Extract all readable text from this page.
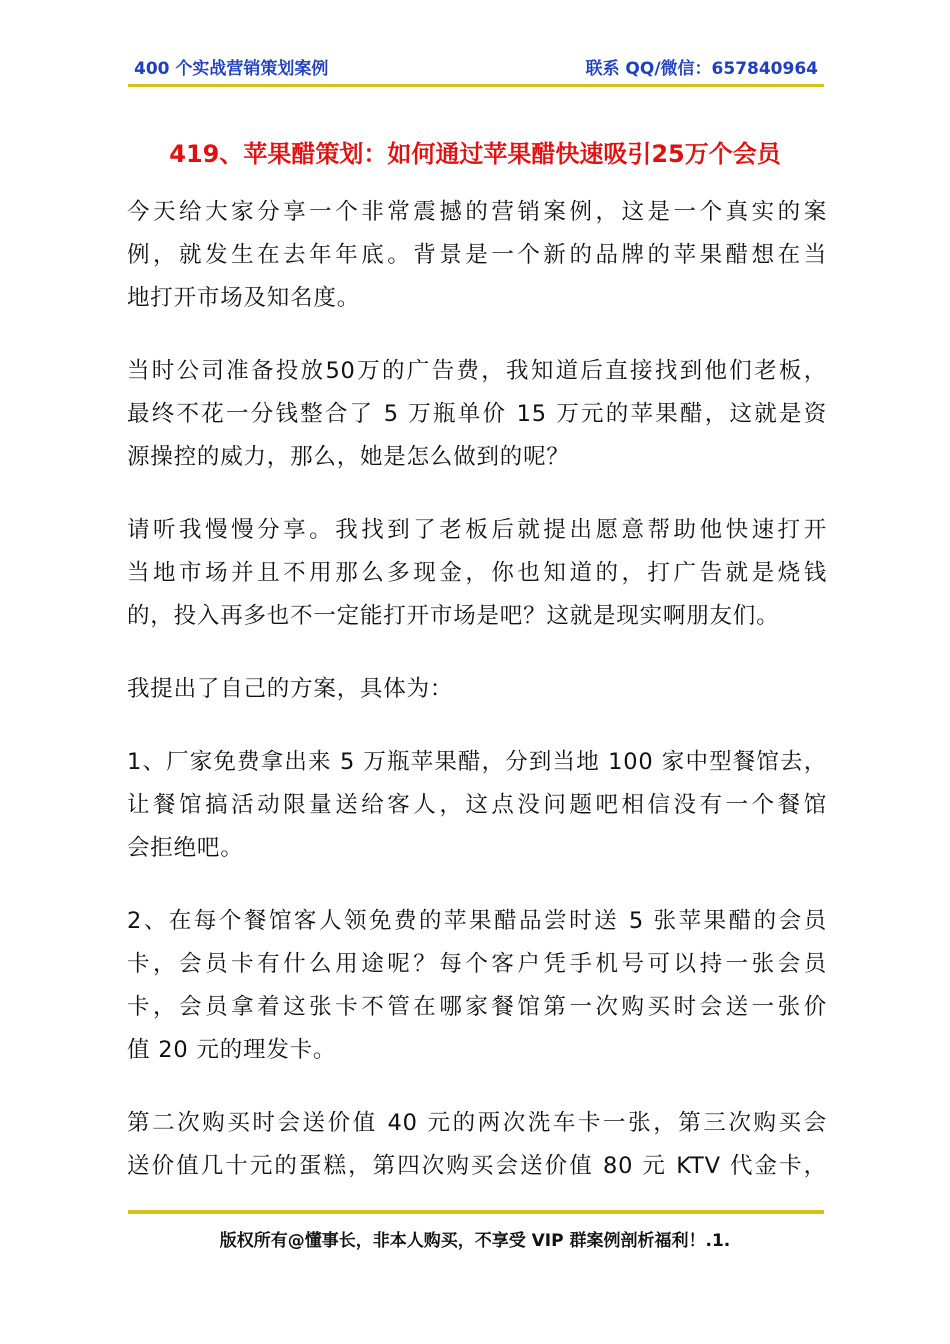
400 个实战营销策划案例	联系 QQ/微信：657840964
419、苹果醋策划：如何通过苹果醋快速吸引25万个会员

今天给大家分享一个非常震撼的营销案例，这是一个真实的案
例，就发生在去年年底。背景是一个新的品牌的苹果醋想在当
地打开市场及知名度。

当时公司准备投放50万的广告费，我知道后直接找到他们老板，
最终不花一分钱整合了 5 万瓶单价 15 万元的苹果醋，这就是资
源操控的威力，那么，她是怎么做到的呢？

请听我慢慢分享。我找到了老板后就提出愿意帮助他快速打开
当地市场并且不用那么多现金，你也知道的，打广告就是烧钱
的，投入再多也不一定能打开市场是吧？这就是现实啊朋友们。

我提出了自己的方案，具体为：

1、厂家免费拿出来 5 万瓶苹果醋，分到当地 100 家中型餐馆去，
让餐馆搞活动限量送给客人，这点没问题吧相信没有一个餐馆
会拒绝吧。

2、在每个餐馆客人领免费的苹果醋品尝时送 5 张苹果醋的会员
卡，会员卡有什么用途呢？每个客户凭手机号可以持一张会员
卡，会员拿着这张卡不管在哪家餐馆第一次购买时会送一张价
值 20 元的理发卡。

第二次购买时会送价值 40 元的两次洗车卡一张，第三次购买会
送价值几十元的蛋糕，第四次购买会送价值 80 元 KTV 代金卡，

版权所有@懂事长，非本人购买，不享受 VIP 群案例剖析福利！.1.
